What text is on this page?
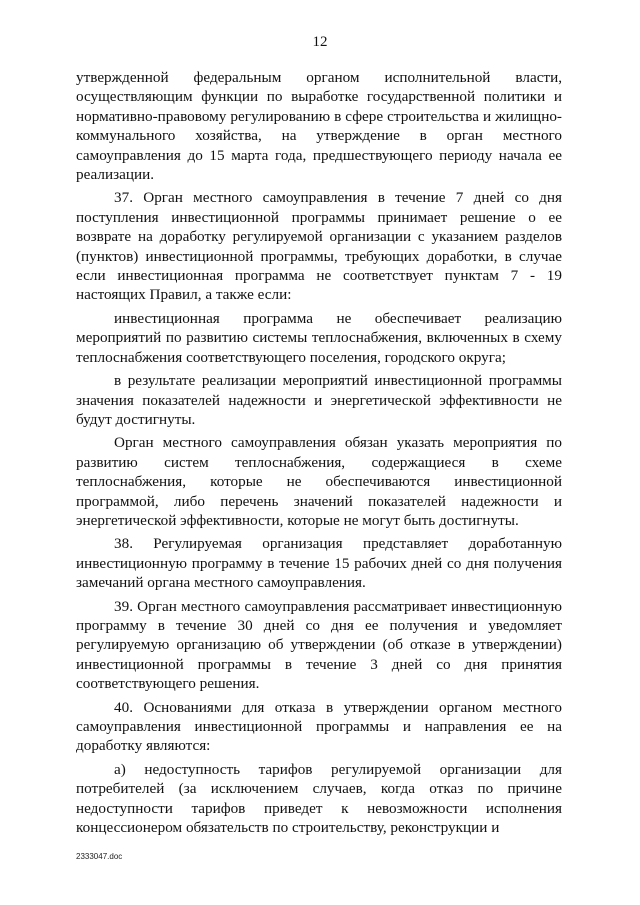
12

утвержденной федеральным органом исполнительной власти, осуществляющим функции по выработке государственной политики и нормативно-правовому регулированию в сфере строительства и жилищно-коммунального хозяйства, на утверждение в орган местного самоуправления до 15 марта года, предшествующего периоду начала ее реализации.

37. Орган местного самоуправления в течение 7 дней со дня поступления инвестиционной программы принимает решение о ее возврате на доработку регулируемой организации с указанием разделов (пунктов) инвестиционной программы, требующих доработки, в случае если инвестиционная программа не соответствует пунктам 7 - 19 настоящих Правил, а также если:

инвестиционная программа не обеспечивает реализацию мероприятий по развитию системы теплоснабжения, включенных в схему теплоснабжения соответствующего поселения, городского округа;

в результате реализации мероприятий инвестиционной программы значения показателей надежности и энергетической эффективности не будут достигнуты.

Орган местного самоуправления обязан указать мероприятия по развитию систем теплоснабжения, содержащиеся в схеме теплоснабжения, которые не обеспечиваются инвестиционной программой, либо перечень значений показателей надежности и энергетической эффективности, которые не могут быть достигнуты.

38. Регулируемая организация представляет доработанную инвестиционную программу в течение 15 рабочих дней со дня получения замечаний органа местного самоуправления.

39. Орган местного самоуправления рассматривает инвестиционную программу в течение 30 дней со дня ее получения и уведомляет регулируемую организацию об утверждении (об отказе в утверждении) инвестиционной программы в течение 3 дней со дня принятия соответствующего решения.

40. Основаниями для отказа в утверждении органом местного самоуправления инвестиционной программы и направления ее на доработку являются:

а) недоступность тарифов регулируемой организации для потребителей (за исключением случаев, когда отказ по причине недоступности тарифов приведет к невозможности исполнения концессионером обязательств по строительству, реконструкции и

2333047.doc
